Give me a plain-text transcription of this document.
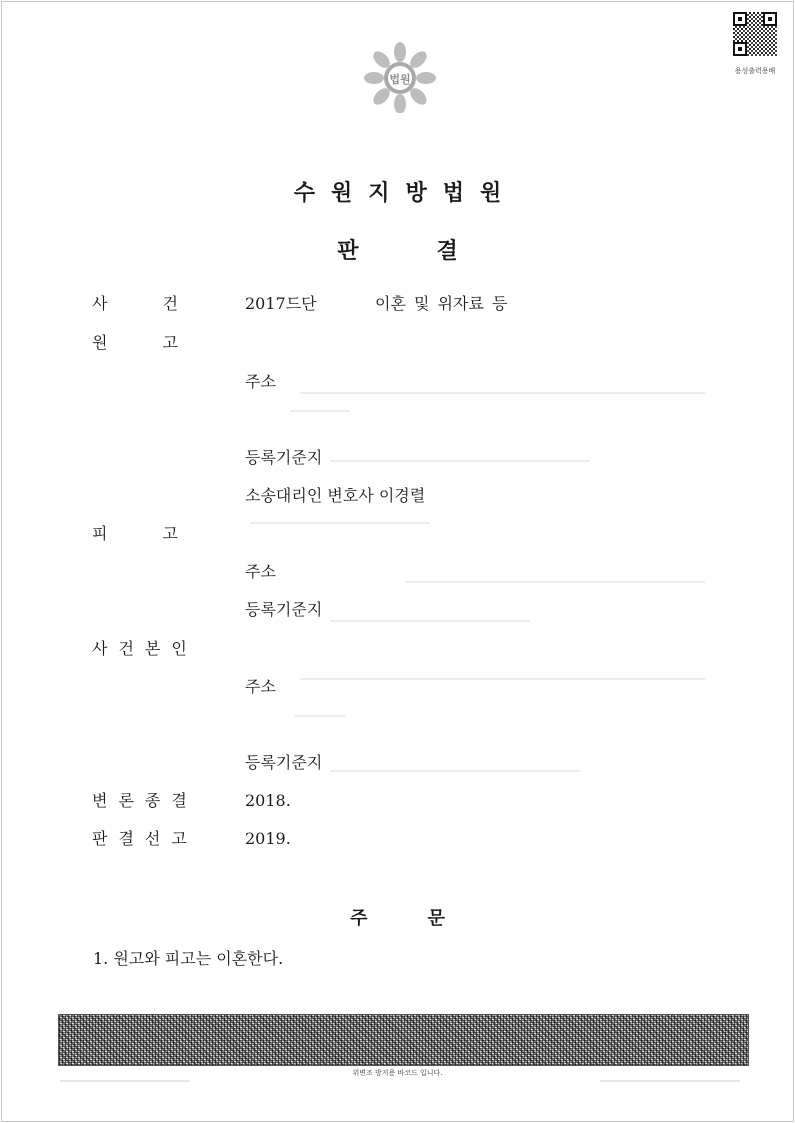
법원
용성출력용배
수원지방법원
판결
사	건	2017드단	이혼 및 위자료 등
원	고
주소
등록기준지
소송대리인 변호사 이경렬
피	고
주소
등록기준지
사건본인
주소
등록기준지
변론종결	2018.
판결선고	2019.
주문
1. 원고와 피고는 이혼한다.
위변조 방지용 바코드 입니다.
